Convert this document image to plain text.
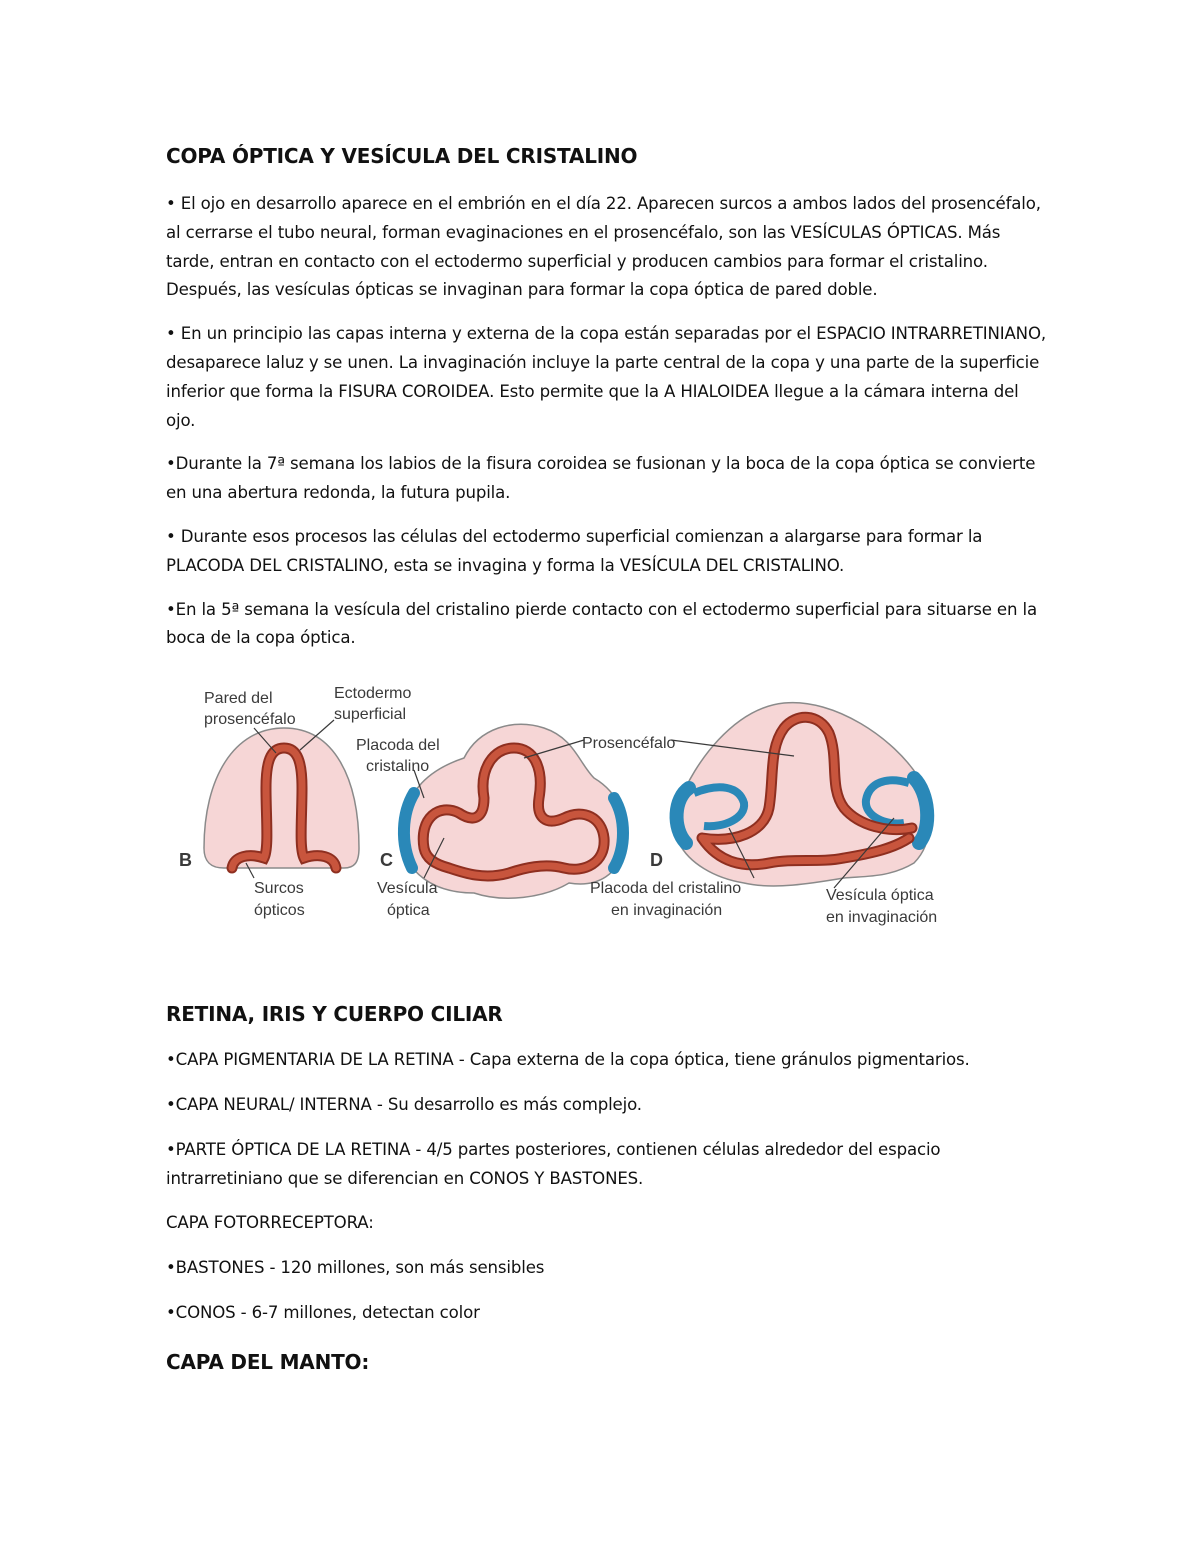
COPA ÓPTICA Y VESÍCULA DEL CRISTALINO

• El ojo en desarrollo aparece en el embrión en el día 22. Aparecen surcos a ambos lados del prosencéfalo, al cerrarse el tubo neural, forman evaginaciones en el prosencéfalo, son las VESÍCULAS ÓPTICAS. Más tarde, entran en contacto con el ectodermo superficial y producen cambios para formar el cristalino. Después, las vesículas ópticas se invaginan para formar la copa óptica de pared doble.

• En un principio las capas interna y externa de la copa están separadas por el ESPACIO INTRARRETINIANO, desaparece laluz y se unen. La invaginación incluye la parte central de la copa y una parte de la superficie inferior que forma la FISURA COROIDEA. Esto permite que la A HIALOIDEA llegue a la cámara interna del ojo.

•Durante la 7ª semana los labios de la fisura coroidea se fusionan y la boca de la copa óptica se convierte en una abertura redonda, la futura pupila.

• Durante esos procesos las células del ectodermo superficial comienzan a alargarse para formar la PLACODA DEL CRISTALINO, esta se invagina y forma la VESÍCULA DEL CRISTALINO.

•En la 5ª semana la vesícula del cristalino pierde contacto con el ectodermo superficial para situarse en la boca de la copa óptica.

Pared del
prosencéfalo
Ectodermo
superficial
Placoda del
cristalino
Prosencéfalo
B	C	D
Surcos
ópticos
Vesícula
óptica
Placoda del cristalino
en invaginación
Vesícula óptica
en invaginación
RETINA, IRIS Y CUERPO CILIAR

•CAPA PIGMENTARIA DE LA RETINA - Capa externa de la copa óptica, tiene gránulos pigmentarios.

•CAPA NEURAL/ INTERNA - Su desarrollo es más complejo.

•PARTE ÓPTICA DE LA RETINA - 4/5 partes posteriores, contienen células alrededor del espacio intrarretiniano que se diferencian en CONOS Y BASTONES.

CAPA FOTORRECEPTORA:

•BASTONES - 120 millones, son más sensibles

•CONOS - 6-7 millones, detectan color

CAPA DEL MANTO:
